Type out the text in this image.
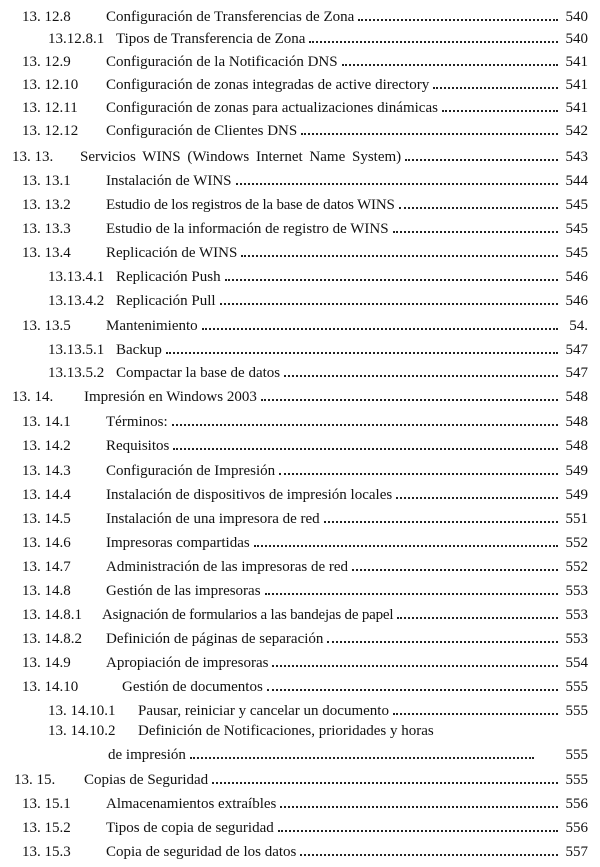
13. 12.8	Configuración de Transferencias de Zona	540
13.12.8.1 Tipos de Transferencia de Zona	540
13. 12.9	Configuración de la Notificación DNS	541
13. 12.10	Configuración de zonas integradas de active directory	541
13. 12.11	Configuración de zonas para actualizaciones dinámicas	541
13. 12.12	Configuración de Clientes DNS	542
13. 13.	Servicios WINS (Windows Internet Name System)	543
13. 13.1	Instalación de WINS	544
13. 13.2	Estudio de los registros de la base de datos WINS	545
13. 13.3	Estudio de la información de registro de WINS	545
13. 13.4	Replicación de WINS	545
13.13.4.1 Replicación Push	546
13.13.4.2 Replicación Pull	546
13. 13.5	Mantenimiento	54.
13.13.5.1 Backup	547
13.13.5.2 Compactar la base de datos	547
13. 14.	Impresión en Windows 2003	548
13. 14.1	Términos:	548
13. 14.2	Requisitos	548
13. 14.3	Configuración de Impresión	549
13. 14.4	Instalación de dispositivos de impresión locales	549
13. 14.5	Instalación de una impresora de red	551
13. 14.6	Impresoras compartidas	552
13. 14.7	Administración de las impresoras de red	552
13. 14.8	Gestión de las impresoras	553
13. 14.8.1	Asignación de formularios a las bandejas de papel	553
13. 14.8.2	Definición de páginas de separación	553
13. 14.9	Apropiación de impresoras	554
13. 14.10	Gestión de documentos	555
13. 14.10.1	Pausar, reiniciar y cancelar un documento	555
13. 14.10.2	Definición de Notificaciones, prioridades y horas
de impresión	555
13. 15.	Copias de Seguridad	555
13. 15.1	Almacenamientos extraíbles	556
13. 15.2	Tipos de copia de seguridad	556
13. 15.3	Copia de seguridad de los datos	557
